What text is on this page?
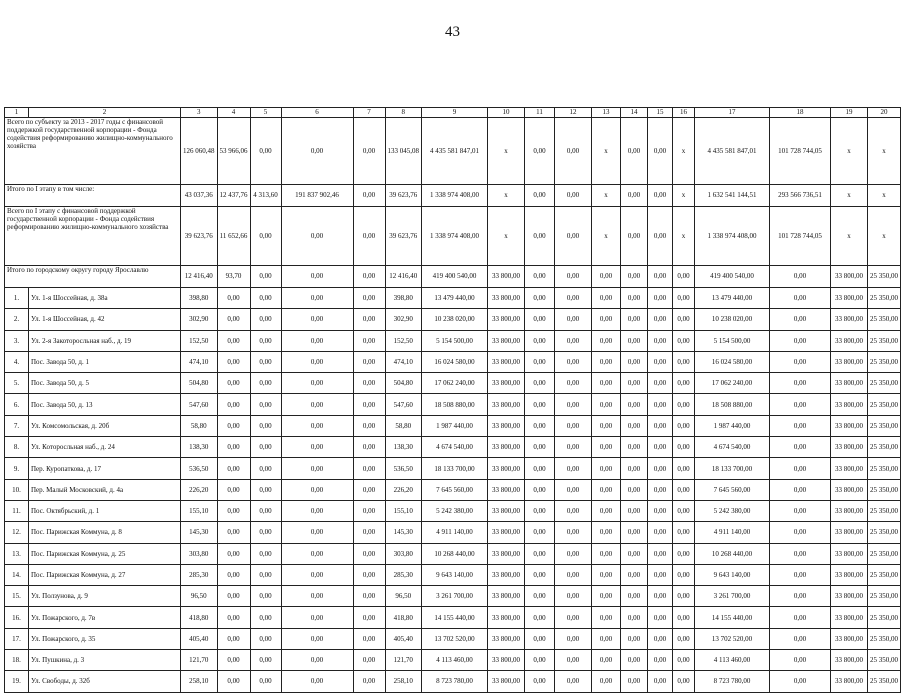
43
1	2	3	4	5	6	7	8	9	10	11	12	13	14	15	16	17	18	19	20
Всего по субъекту за 2013 - 2017 годы с финансовой поддержкой государственной корпорации - Фонда содействия реформированию жилищно-коммунального хозяйства		126 060,48	53 966,06	0,00	0,00	0,00	133 045,08	4 435 581 847,01	x	0,00	0,00	x	0,00	0,00	x	4 435 581 847,01	101 728 744,05	x	x
Итого по I этапу в том числе:		43 037,36	12 437,76	4 313,60	191 837 902,46	0,00	39 623,76	1 338 974 408,00	x	0,00	0,00	x	0,00	0,00	x	1 632 541 144,51	293 566 736,51	x	x
Всего по I этапу с финансовой поддержкой государственной корпорации - Фонда содействия реформированию жилищно-коммунального хозяйства		39 623,76	11 652,66	0,00	0,00	0,00	39 623,76	1 338 974 408,00	x	0,00	0,00	x	0,00	0,00	x	1 338 974 408,00	101 728 744,05	x	x
Итого по городскому округу городу Ярославлю		12 416,40	93,70	0,00	0,00	0,00	12 416,40	419 400 540,00	33 800,00	0,00	0,00	0,00	0,00	0,00	0,00	419 400 540,00	0,00	33 800,00	25 350,00
1.	Ул. 1-я Шоссейная, д. 38а	398,80	0,00	0,00	0,00	0,00	398,80	13 479 440,00	33 800,00	0,00	0,00	0,00	0,00	0,00	0,00	13 479 440,00	0,00	33 800,00	25 350,00
2.	Ул. 1-я Шоссейная, д. 42	302,90	0,00	0,00	0,00	0,00	302,90	10 238 020,00	33 800,00	0,00	0,00	0,00	0,00	0,00	0,00	10 238 020,00	0,00	33 800,00	25 350,00
3.	Ул. 2-я Закоторосльная наб., д. 19	152,50	0,00	0,00	0,00	0,00	152,50	5 154 500,00	33 800,00	0,00	0,00	0,00	0,00	0,00	0,00	5 154 500,00	0,00	33 800,00	25 350,00
4.	Пос. Завода 50, д. 1	474,10	0,00	0,00	0,00	0,00	474,10	16 024 580,00	33 800,00	0,00	0,00	0,00	0,00	0,00	0,00	16 024 580,00	0,00	33 800,00	25 350,00
5.	Пос. Завода 50, д. 5	504,80	0,00	0,00	0,00	0,00	504,80	17 062 240,00	33 800,00	0,00	0,00	0,00	0,00	0,00	0,00	17 062 240,00	0,00	33 800,00	25 350,00
6.	Пос. Завода 50, д. 13	547,60	0,00	0,00	0,00	0,00	547,60	18 508 880,00	33 800,00	0,00	0,00	0,00	0,00	0,00	0,00	18 508 880,00	0,00	33 800,00	25 350,00
7.	Ул. Комсомольская, д. 20б	58,80	0,00	0,00	0,00	0,00	58,80	1 987 440,00	33 800,00	0,00	0,00	0,00	0,00	0,00	0,00	1 987 440,00	0,00	33 800,00	25 350,00
8.	Ул. Которосльная наб., д. 24	138,30	0,00	0,00	0,00	0,00	138,30	4 674 540,00	33 800,00	0,00	0,00	0,00	0,00	0,00	0,00	4 674 540,00	0,00	33 800,00	25 350,00
9.	Пер. Куропаткова, д. 17	536,50	0,00	0,00	0,00	0,00	536,50	18 133 700,00	33 800,00	0,00	0,00	0,00	0,00	0,00	0,00	18 133 700,00	0,00	33 800,00	25 350,00
10.	Пер. Малый Московский, д. 4а	226,20	0,00	0,00	0,00	0,00	226,20	7 645 560,00	33 800,00	0,00	0,00	0,00	0,00	0,00	0,00	7 645 560,00	0,00	33 800,00	25 350,00
11.	Пос. Октябрьский, д. 1	155,10	0,00	0,00	0,00	0,00	155,10	5 242 380,00	33 800,00	0,00	0,00	0,00	0,00	0,00	0,00	5 242 380,00	0,00	33 800,00	25 350,00
12.	Пос. Парижская Коммуна, д. 8	145,30	0,00	0,00	0,00	0,00	145,30	4 911 140,00	33 800,00	0,00	0,00	0,00	0,00	0,00	0,00	4 911 140,00	0,00	33 800,00	25 350,00
13.	Пос. Парижская Коммуна, д. 25	303,80	0,00	0,00	0,00	0,00	303,80	10 268 440,00	33 800,00	0,00	0,00	0,00	0,00	0,00	0,00	10 268 440,00	0,00	33 800,00	25 350,00
14.	Пос. Парижская Коммуна, д. 27	285,30	0,00	0,00	0,00	0,00	285,30	9 643 140,00	33 800,00	0,00	0,00	0,00	0,00	0,00	0,00	9 643 140,00	0,00	33 800,00	25 350,00
15.	Ул. Ползунова, д. 9	96,50	0,00	0,00	0,00	0,00	96,50	3 261 700,00	33 800,00	0,00	0,00	0,00	0,00	0,00	0,00	3 261 700,00	0,00	33 800,00	25 350,00
16.	Ул. Пожарского, д. 7в	418,80	0,00	0,00	0,00	0,00	418,80	14 155 440,00	33 800,00	0,00	0,00	0,00	0,00	0,00	0,00	14 155 440,00	0,00	33 800,00	25 350,00
17.	Ул. Пожарского, д. 35	405,40	0,00	0,00	0,00	0,00	405,40	13 702 520,00	33 800,00	0,00	0,00	0,00	0,00	0,00	0,00	13 702 520,00	0,00	33 800,00	25 350,00
18.	Ул. Пушкина, д. 3	121,70	0,00	0,00	0,00	0,00	121,70	4 113 460,00	33 800,00	0,00	0,00	0,00	0,00	0,00	0,00	4 113 460,00	0,00	33 800,00	25 350,00
19.	Ул. Свободы, д. 32б	258,10	0,00	0,00	0,00	0,00	258,10	8 723 780,00	33 800,00	0,00	0,00	0,00	0,00	0,00	0,00	8 723 780,00	0,00	33 800,00	25 350,00
